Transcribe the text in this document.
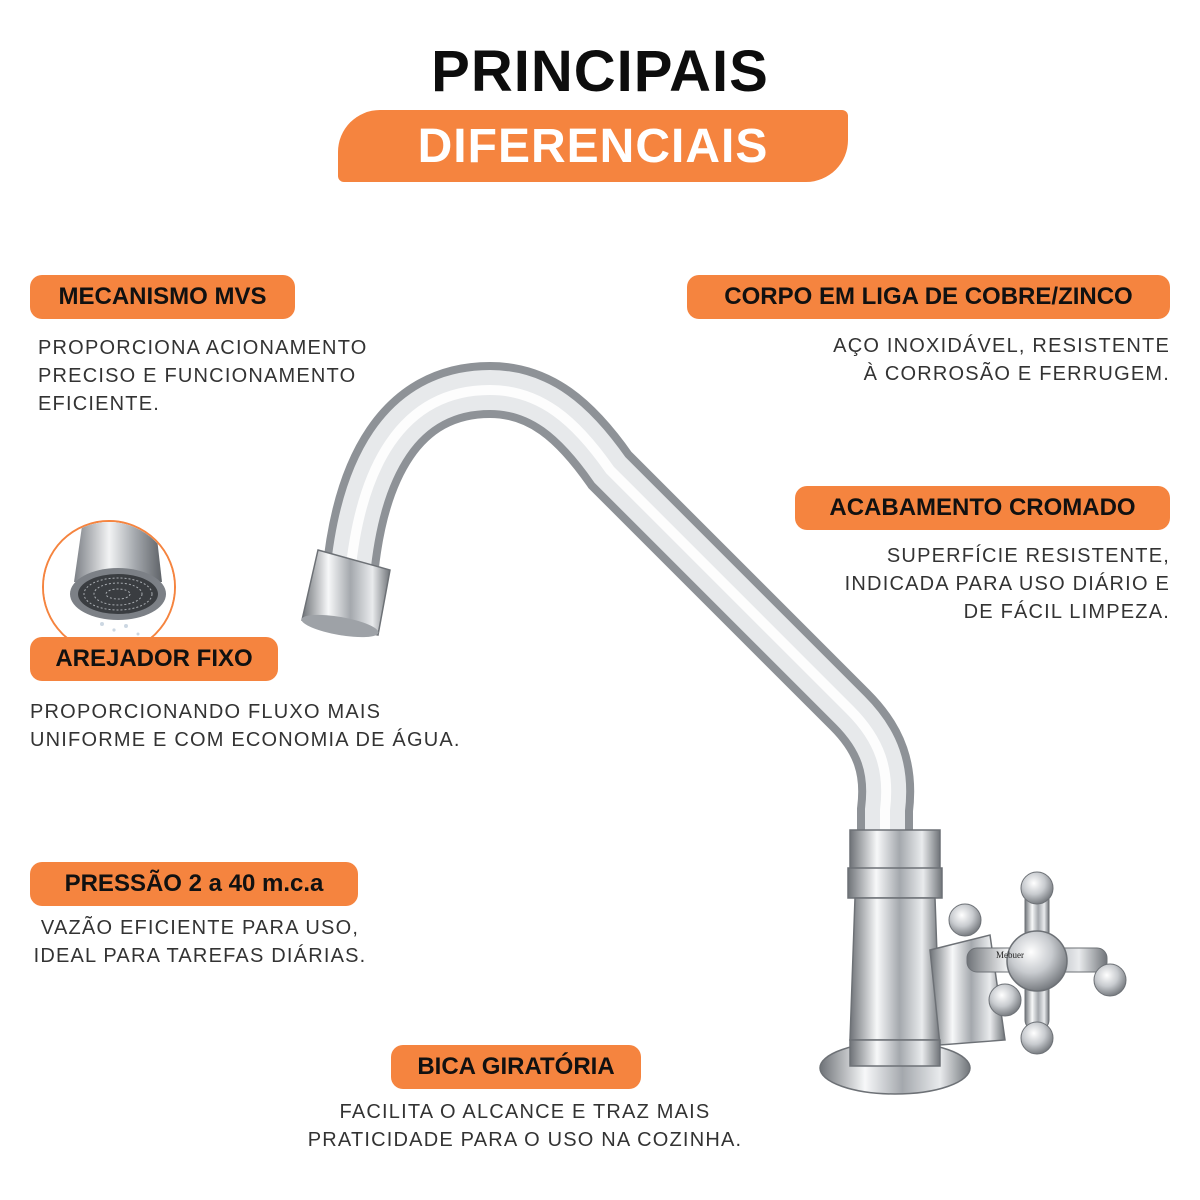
PRINCIPAIS
DIFERENCIAIS
Mebuer
MECANISMO MVS
PROPORCIONA ACIONAMENTO
PRECISO E FUNCIONAMENTO
EFICIENTE.
CORPO EM LIGA DE COBRE/ZINCO
AÇO INOXIDÁVEL, RESISTENTE
À CORROSÃO E FERRUGEM.
ACABAMENTO CROMADO
SUPERFÍCIE RESISTENTE,
INDICADA PARA USO DIÁRIO E
DE FÁCIL LIMPEZA.
AREJADOR FIXO
PROPORCIONANDO FLUXO MAIS
UNIFORME E COM ECONOMIA DE ÁGUA.
PRESSÃO 2 a 40 m.c.a
VAZÃO EFICIENTE PARA USO,
IDEAL PARA TAREFAS DIÁRIAS.
BICA GIRATÓRIA
FACILITA O ALCANCE E TRAZ MAIS
PRATICIDADE PARA O USO NA COZINHA.
